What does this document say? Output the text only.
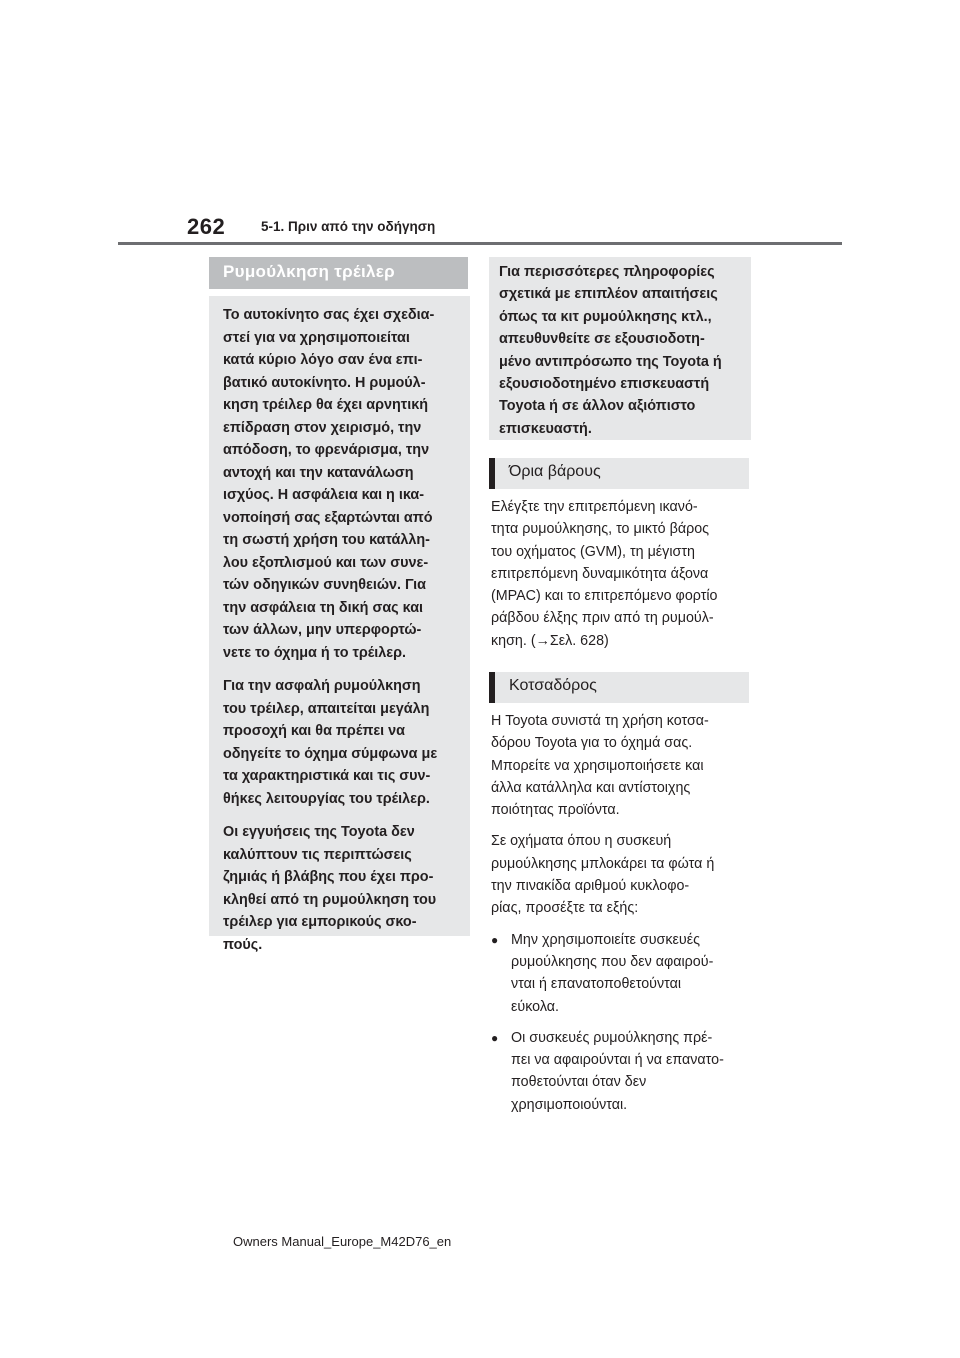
262	5-1. Πριν από την οδήγηση
Ρυμούλκηση τρέιλερ

Το αυτοκίνητο σας έχει σχεδια-
στεί για να χρησιμοποιείται
κατά κύριο λόγο σαν ένα επι-
βατικό αυτοκίνητο. Η ρυμούλ-
κηση τρέιλερ θα έχει αρνητική
επίδραση στον χειρισμό, την
απόδοση, το φρενάρισμα, την
αντοχή και την κατανάλωση
ισχύος. Η ασφάλεια και η ικα-
νοποίησή σας εξαρτώνται από
τη σωστή χρήση του κατάλλη-
λου εξοπλισμού και των συνε-
τών οδηγικών συνηθειών. Για
την ασφάλεια τη δική σας και
των άλλων, μην υπερφορτώ-
νετε το όχημα ή το τρέιλερ.

Για την ασφαλή ρυμούλκηση
του τρέιλερ, απαιτείται μεγάλη
προσοχή και θα πρέπει να
οδηγείτε το όχημα σύμφωνα με
τα χαρακτηριστικά και τις συν-
θήκες λειτουργίας του τρέιλερ.

Οι εγγυήσεις της Toyota δεν
καλύπτουν τις περιπτώσεις
ζημιάς ή βλάβης που έχει προ-
κληθεί από τη ρυμούλκηση του
τρέιλερ για εμπορικούς σκο-
πούς.

Για περισσότερες πληροφορίες
σχετικά με επιπλέον απαιτήσεις
όπως τα κιτ ρυμούλκησης κτλ.,
απευθυνθείτε σε εξουσιοδοτη-
μένο αντιπρόσωπο της Toyota ή
εξουσιοδοτημένο επισκευαστή
Toyota ή σε άλλον αξιόπιστο
επισκευαστή.

Όρια βάρους

Ελέγξτε την επιτρεπόμενη ικανό-
τητα ρυμούλκησης, το μικτό βάρος
του οχήματος (GVM), τη μέγιστη
επιτρεπόμενη δυναμικότητα άξονα
(MPAC) και το επιτρεπόμενο φορτίο
ράβδου έλξης πριν από τη ρυμούλ-
κηση. (→Σελ. 628)

Κοτσαδόρος

Η Toyota συνιστά τη χρήση κοτσα-
δόρου Toyota για το όχημά σας.
Μπορείτε να χρησιμοποιήσετε και
άλλα κατάλληλα και αντίστοιχης
ποιότητας προϊόντα.

Σε οχήματα όπου η συσκευή
ρυμούλκησης μπλοκάρει τα φώτα ή
την πινακίδα αριθμού κυκλοφο-
ρίας, προσέξτε τα εξής:

● Μην χρησιμοποιείτε συσκευές
ρυμούλκησης που δεν αφαιρού-
νται ή επανατοποθετούνται
εύκολα.
● Οι συσκευές ρυμούλκησης πρέ-
πει να αφαιρούνται ή να επανατο-
ποθετούνται όταν δεν
χρησιμοποιούνται.
Owners Manual_Europe_M42D76_en
